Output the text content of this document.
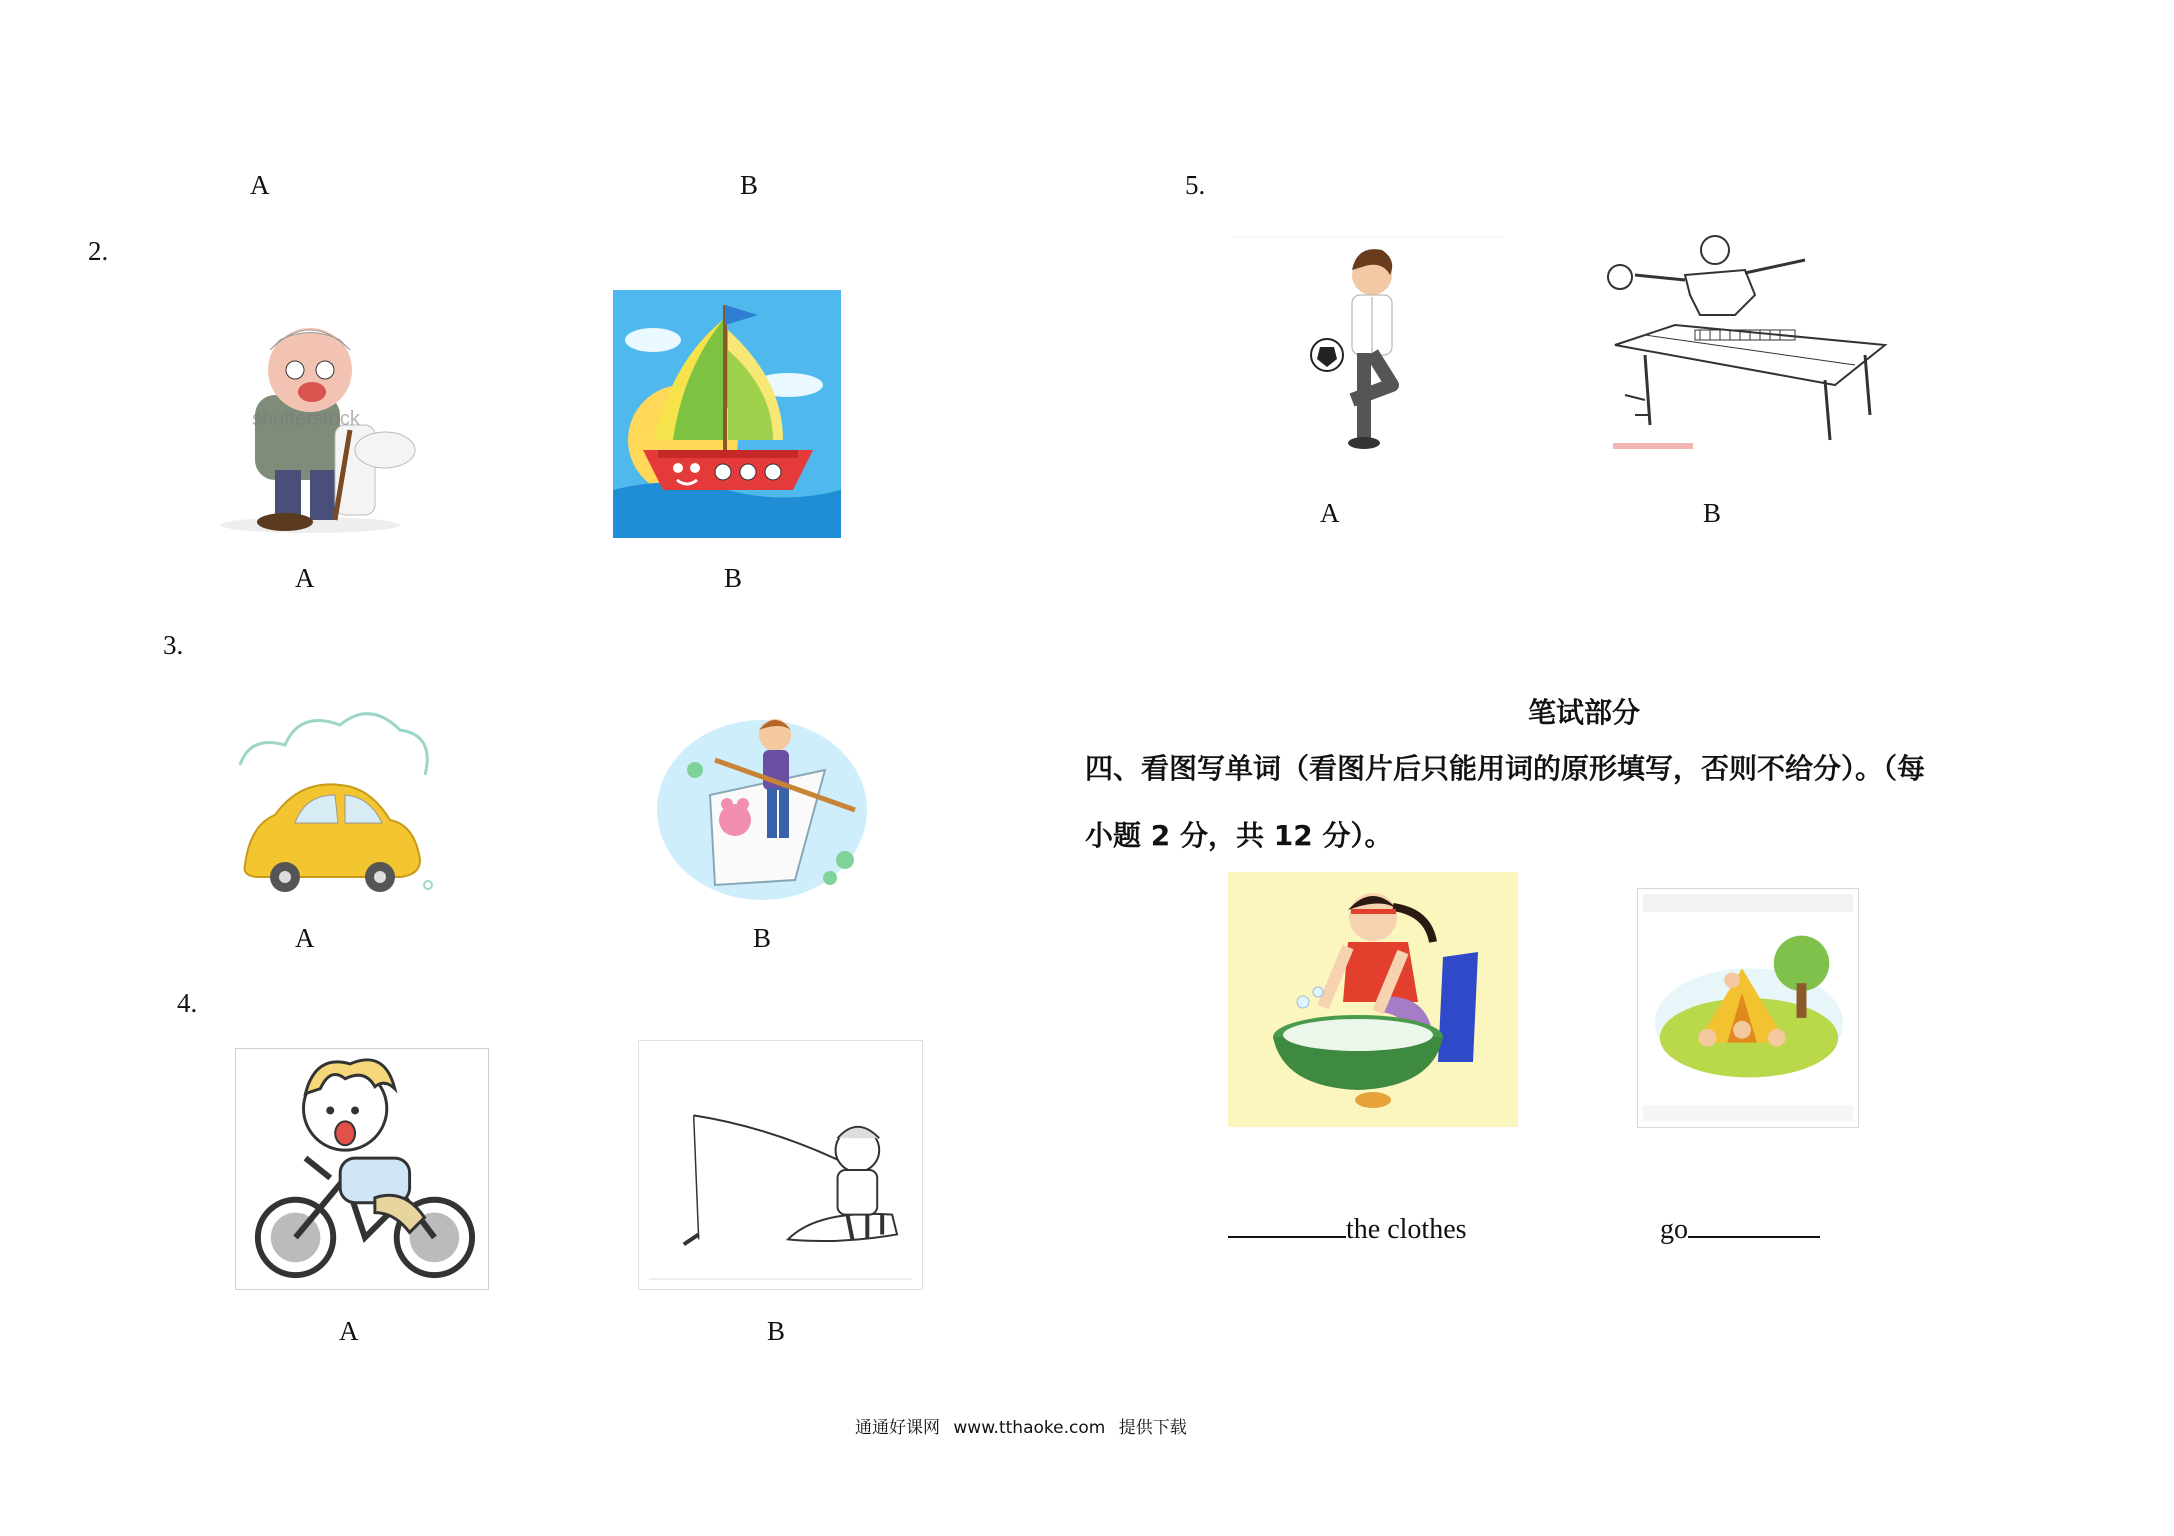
A	B
2.
shutterstock
A	B
3.
A	B
4.
A	B
5.
A	B
笔试部分
四、看图写单词（看图片后只能用词的原形填写，否则不给分）。（每
小题 2 分，共 12 分）。
the clothes	go
通通好课网 www.tthaoke.com 提供下载
